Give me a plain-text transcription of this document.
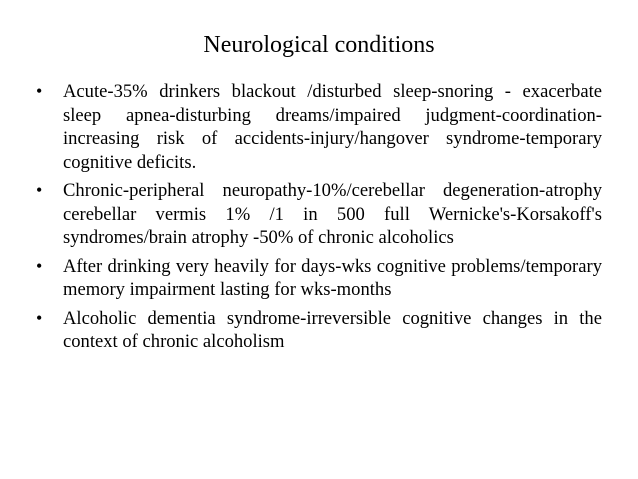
Neurological conditions
• Acute-35% drinkers blackout /disturbed sleep-snoring - exacerbate sleep apnea-disturbing dreams/impaired judgment-coordination- increasing risk of accidents-injury/hangover syndrome-temporary cognitive deficits.
• Chronic-peripheral neuropathy-10%/cerebellar degeneration-atrophy cerebellar vermis 1% /1 in 500 full Wernicke's-Korsakoff's syndromes/brain atrophy -50% of chronic alcoholics
• After drinking very heavily for days-wks cognitive problems/temporary memory impairment lasting for wks-months
• Alcoholic dementia syndrome-irreversible cognitive changes in the context of chronic alcoholism
